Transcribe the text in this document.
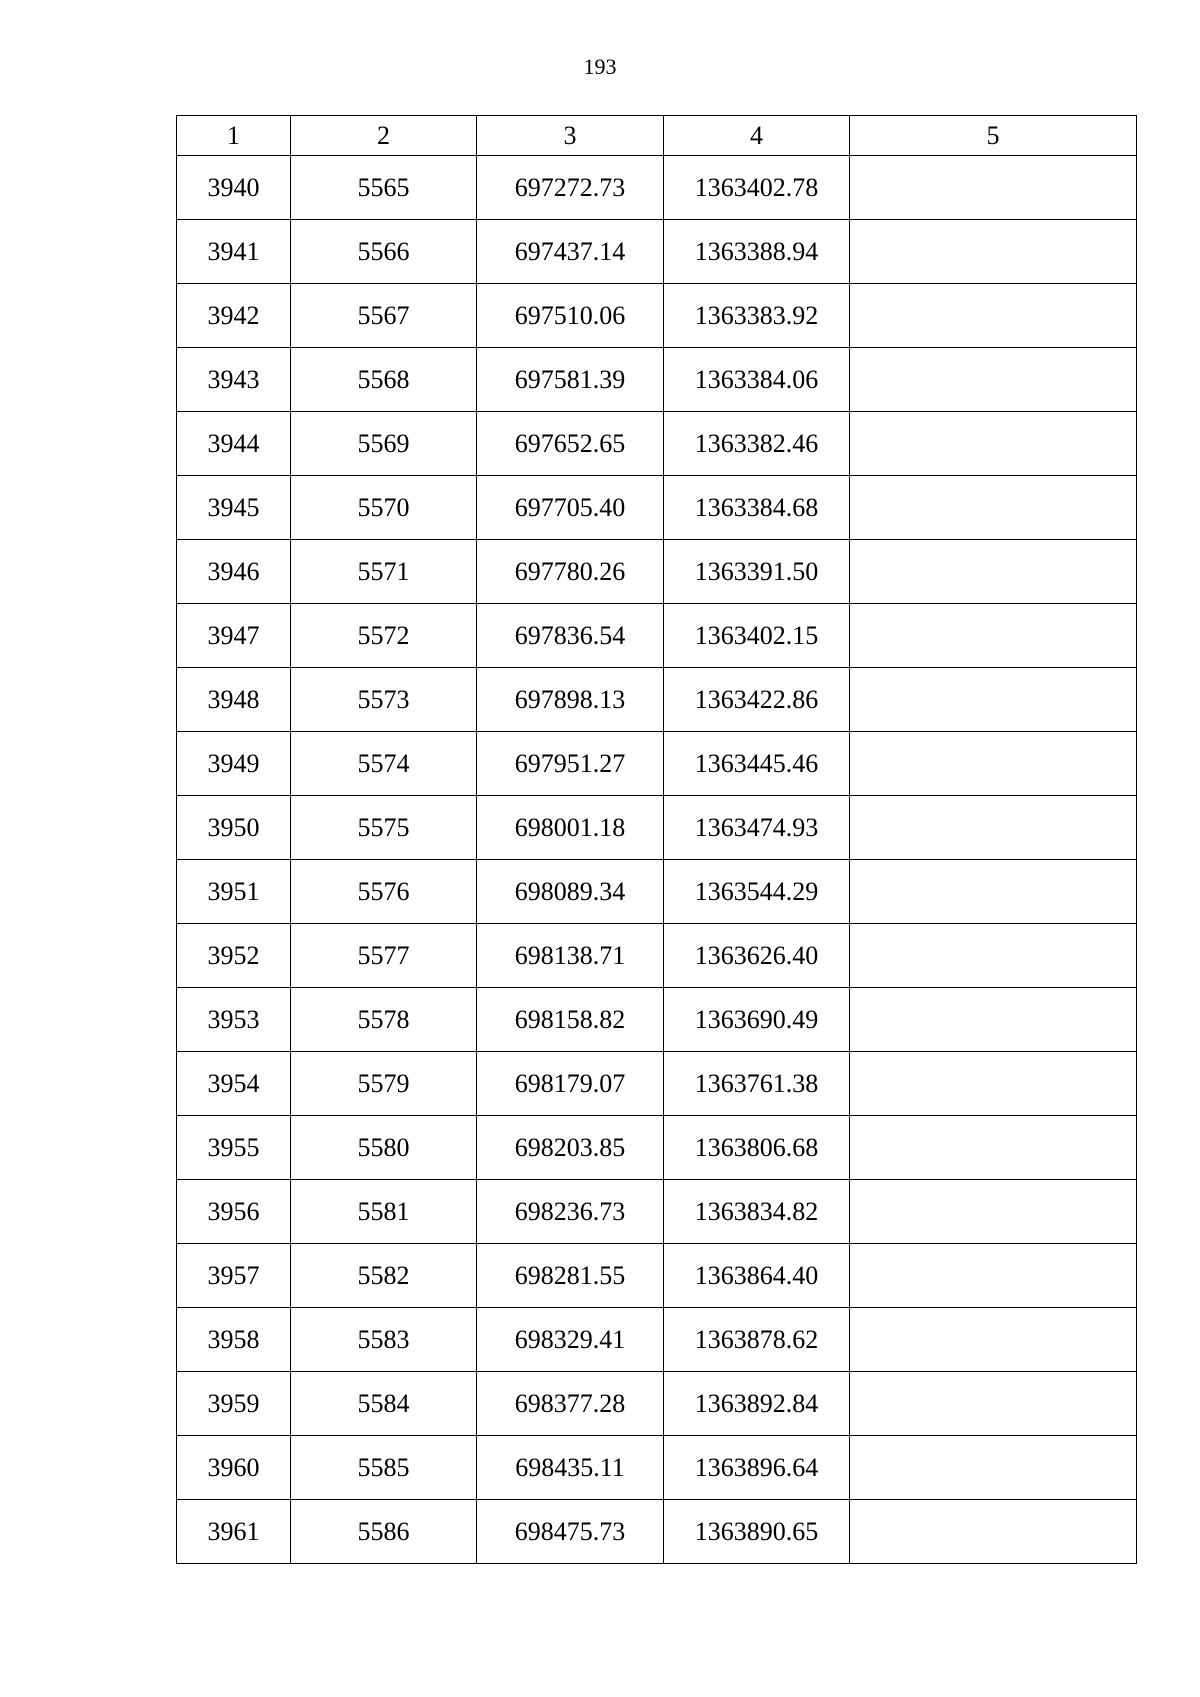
193
1	2	3	4	5
3940	5565	697272.73	1363402.78	
3941	5566	697437.14	1363388.94	
3942	5567	697510.06	1363383.92	
3943	5568	697581.39	1363384.06	
3944	5569	697652.65	1363382.46	
3945	5570	697705.40	1363384.68	
3946	5571	697780.26	1363391.50	
3947	5572	697836.54	1363402.15	
3948	5573	697898.13	1363422.86	
3949	5574	697951.27	1363445.46	
3950	5575	698001.18	1363474.93	
3951	5576	698089.34	1363544.29	
3952	5577	698138.71	1363626.40	
3953	5578	698158.82	1363690.49	
3954	5579	698179.07	1363761.38	
3955	5580	698203.85	1363806.68	
3956	5581	698236.73	1363834.82	
3957	5582	698281.55	1363864.40	
3958	5583	698329.41	1363878.62	
3959	5584	698377.28	1363892.84	
3960	5585	698435.11	1363896.64	
3961	5586	698475.73	1363890.65	
